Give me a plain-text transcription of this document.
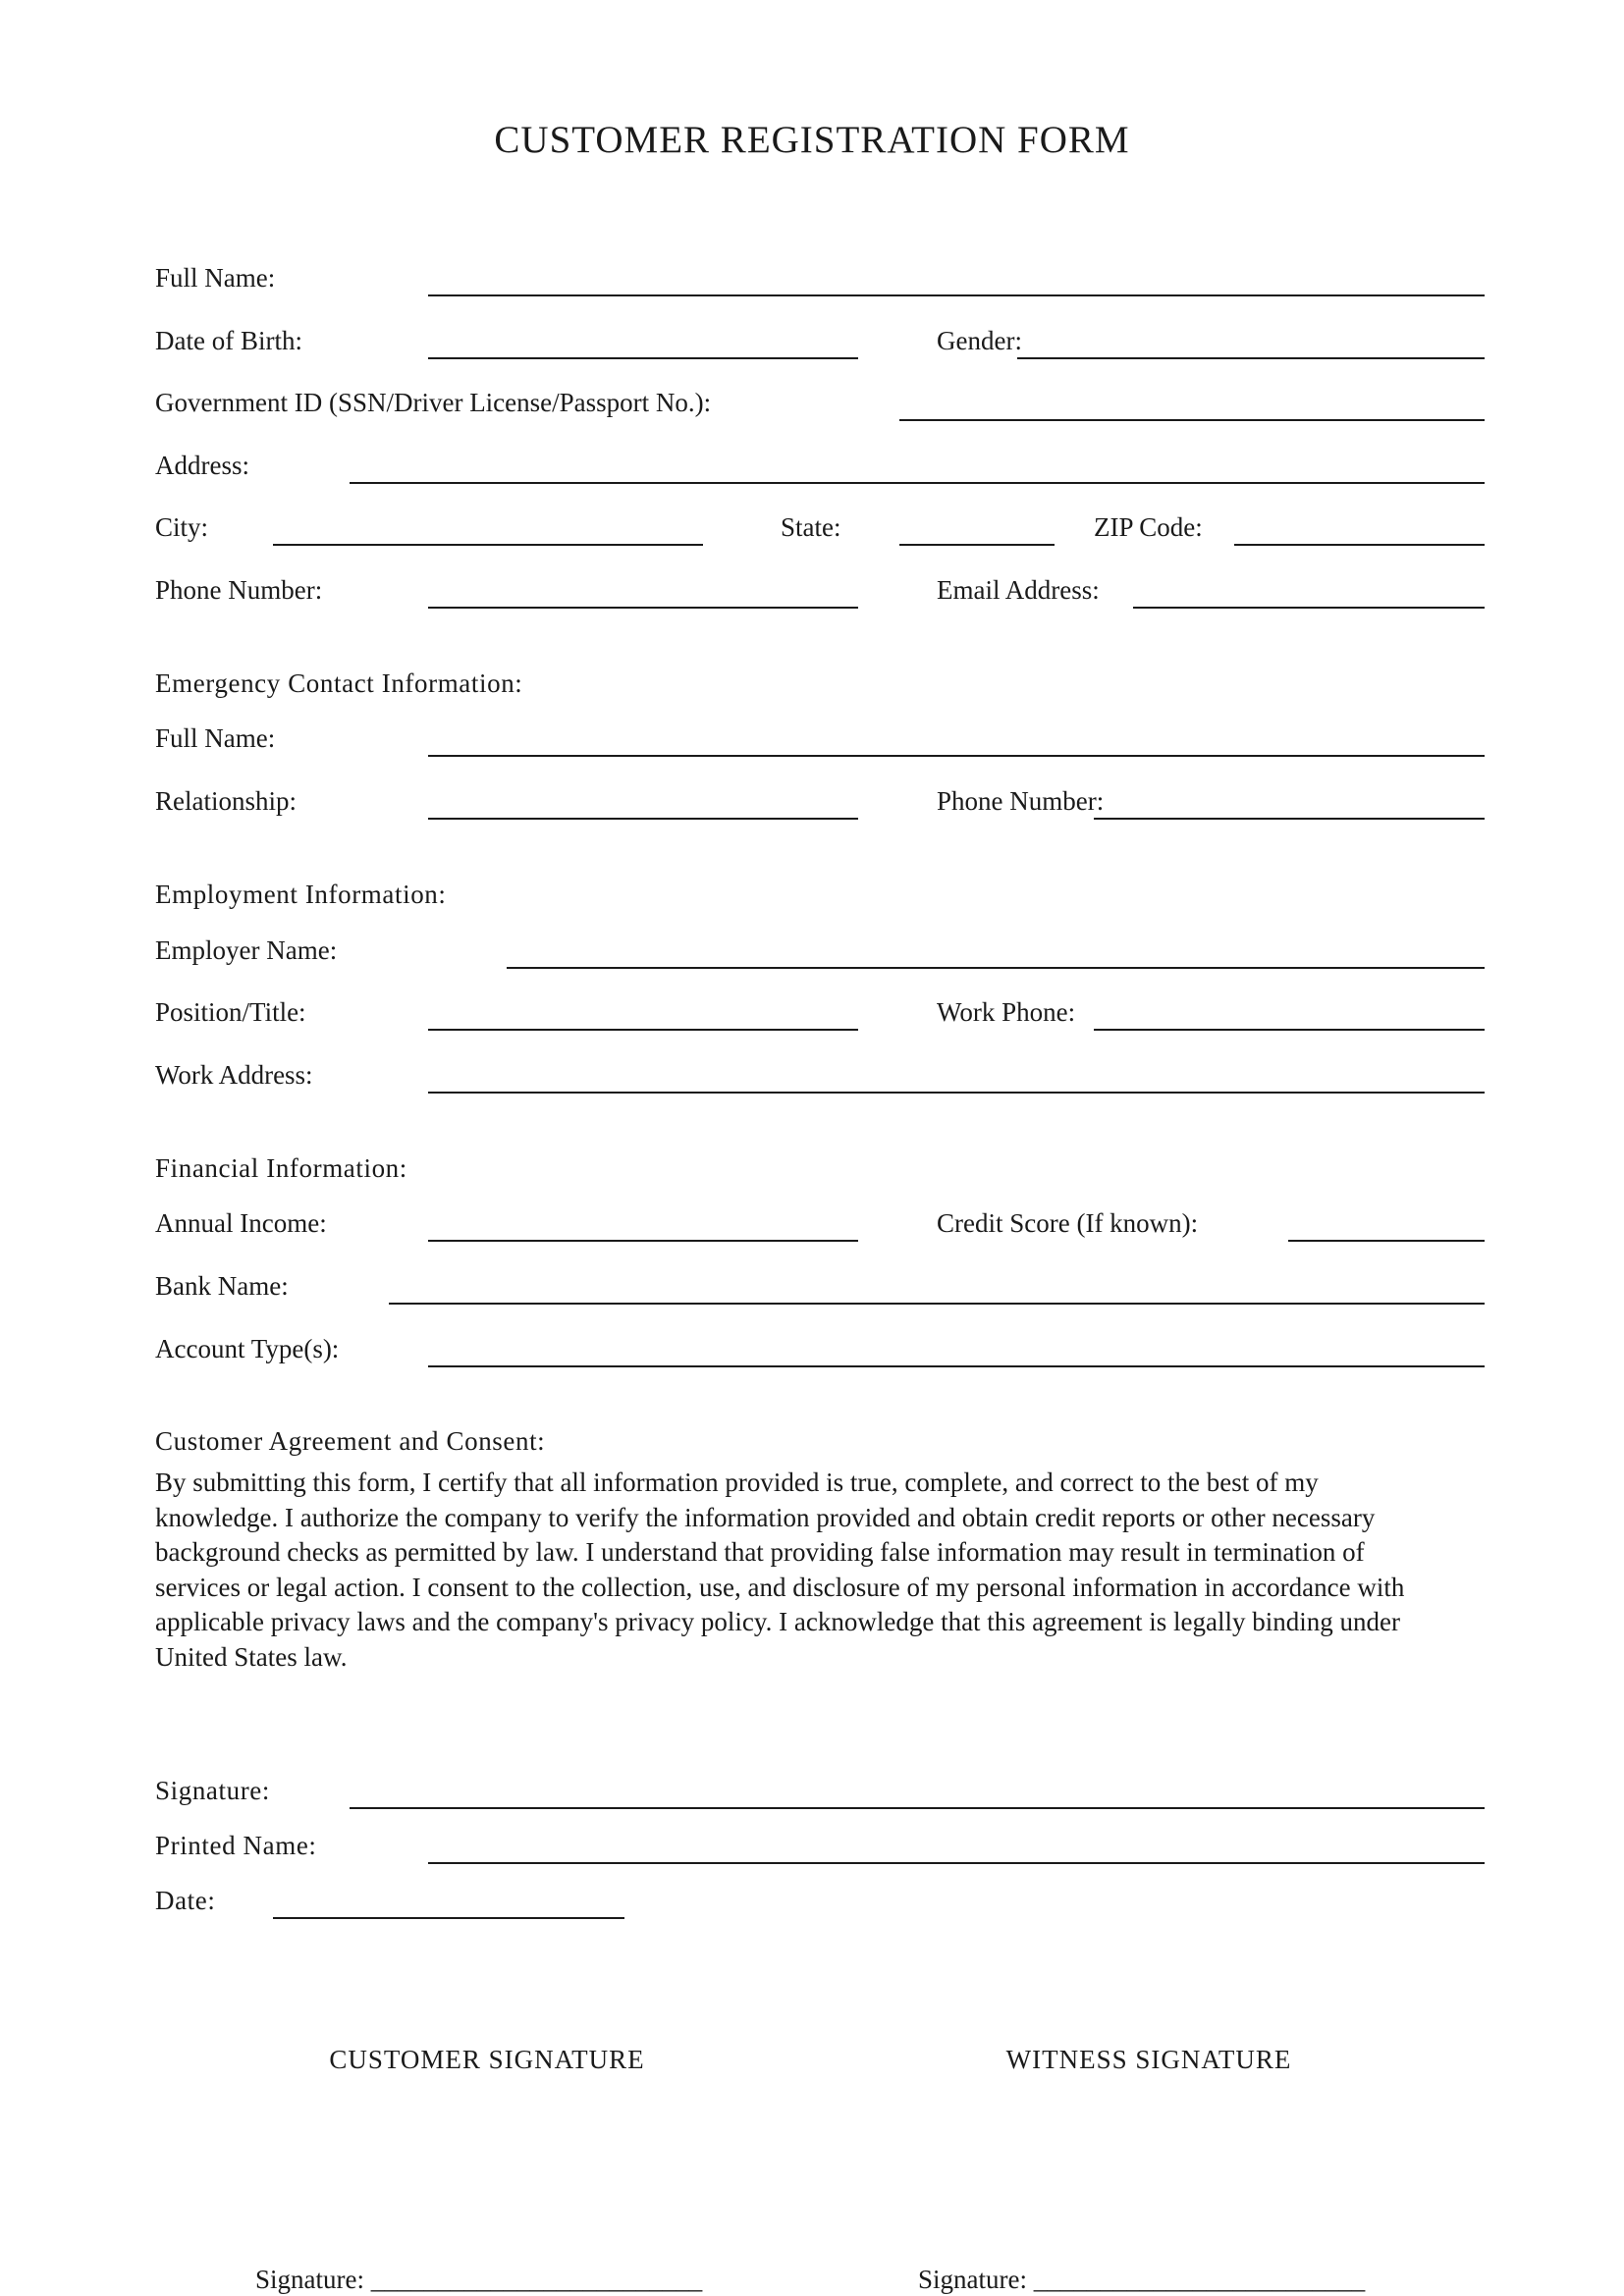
CUSTOMER REGISTRATION FORM
Full Name:
Date of Birth:	Gender:
Government ID (SSN/Driver License/Passport No.):
Address:
City:	State:	ZIP Code:
Phone Number:	Email Address:
Emergency Contact Information:
Full Name:
Relationship:	Phone Number:
Employment Information:
Employer Name:
Position/Title:	Work Phone:
Work Address:
Financial Information:
Annual Income:	Credit Score (If known):
Bank Name:
Account Type(s):
Customer Agreement and Consent:
By submitting this form, I certify that all information provided is true, complete, and correct to the best of my
knowledge. I authorize the company to verify the information provided and obtain credit reports or other necessary
background checks as permitted by law. I understand that providing false information may result in termination of
services or legal action. I consent to the collection, use, and disclosure of my personal information in accordance with
applicable privacy laws and the company's privacy policy. I acknowledge that this agreement is legally binding under
United States law.
Signature:
Printed Name:
Date:
CUSTOMER SIGNATURE	WITNESS SIGNATURE
Signature: _________________________	Signature: _________________________
